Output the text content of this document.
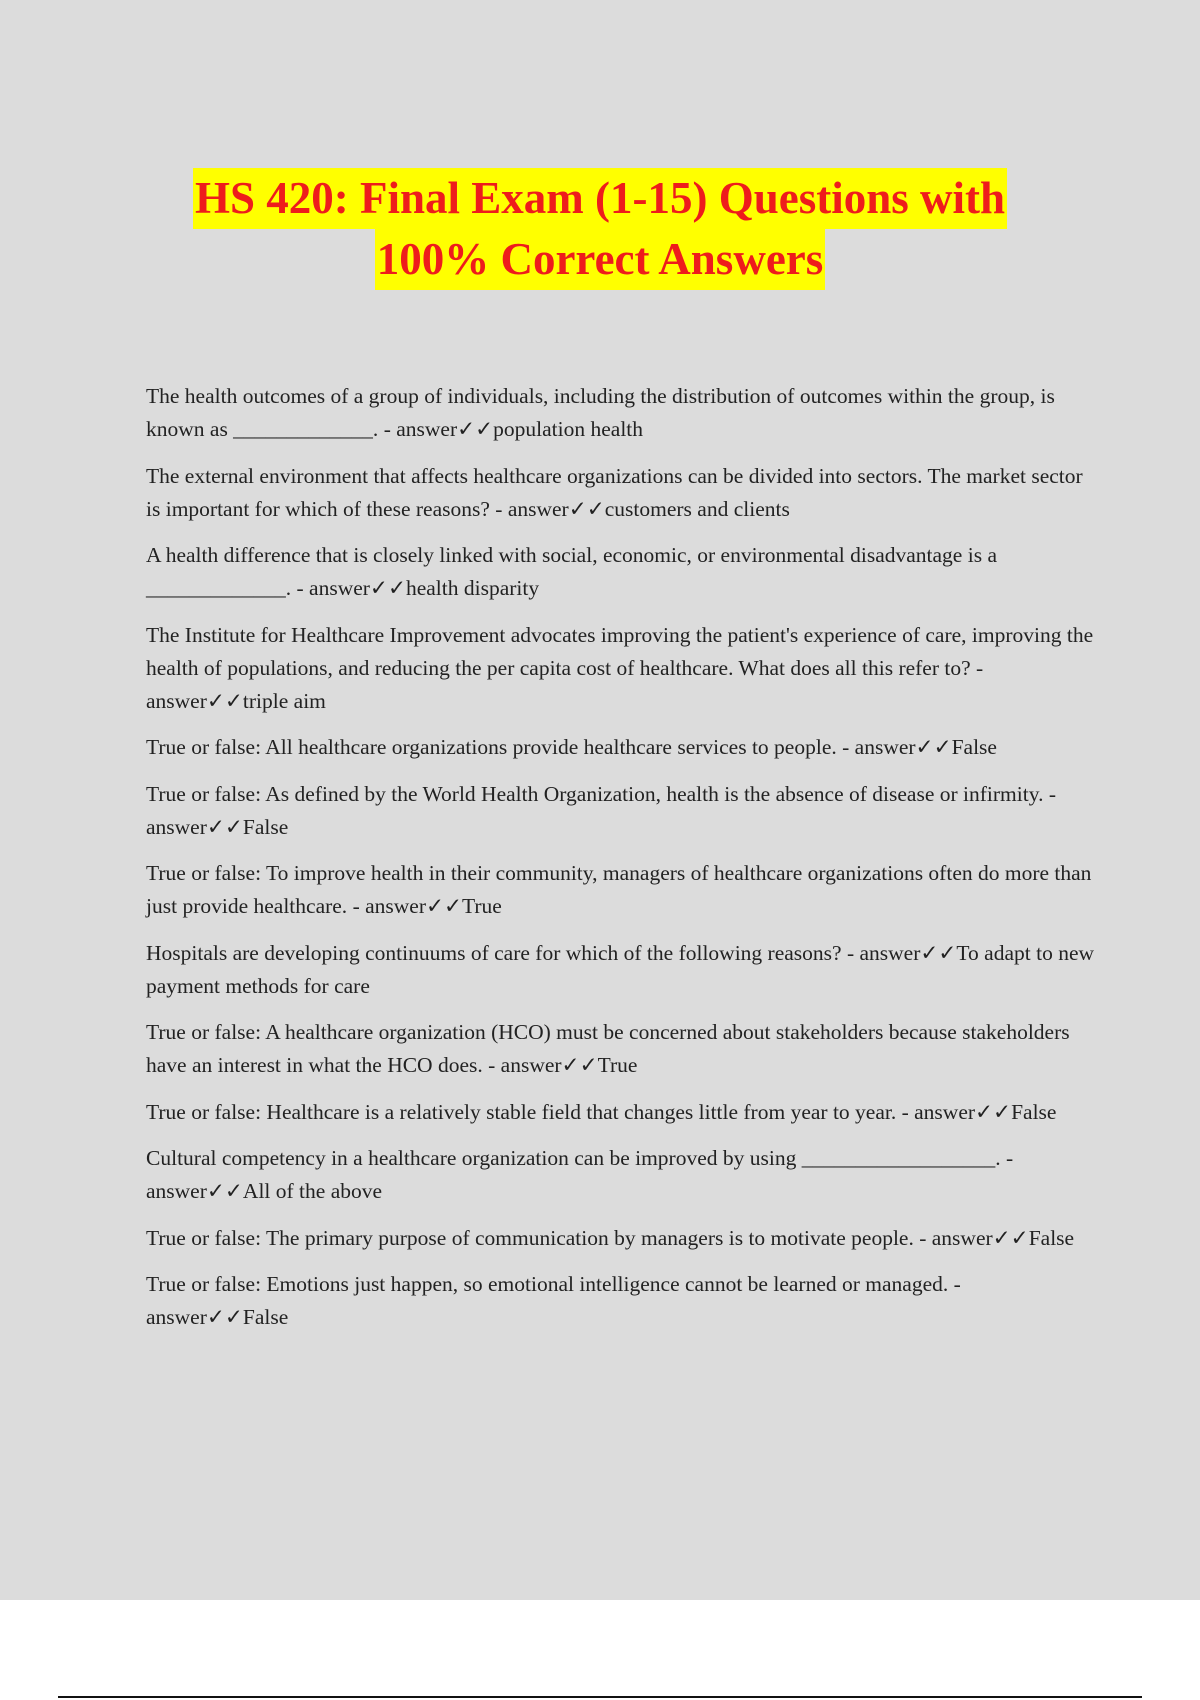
HS 420: Final Exam (1-15) Questions with
100% Correct Answers

The health outcomes of a group of individuals, including the distribution of outcomes within the group, is known as _____________. - answer✓✓population health

The external environment that affects healthcare organizations can be divided into sectors. The market sector is important for which of these reasons? - answer✓✓customers and clients

A health difference that is closely linked with social, economic, or environmental disadvantage is a _____________. - answer✓✓health disparity

The Institute for Healthcare Improvement advocates improving the patient's experience of care, improving the health of populations, and reducing the per capita cost of healthcare. What does all this refer to? - answer✓✓triple aim

True or false: All healthcare organizations provide healthcare services to people. - answer✓✓False

True or false: As defined by the World Health Organization, health is the absence of disease or infirmity. - answer✓✓False

True or false: To improve health in their community, managers of healthcare organizations often do more than just provide healthcare. - answer✓✓True

Hospitals are developing continuums of care for which of the following reasons? - answer✓✓To adapt to new payment methods for care

True or false: A healthcare organization (HCO) must be concerned about stakeholders because stakeholders have an interest in what the HCO does. - answer✓✓True

True or false: Healthcare is a relatively stable field that changes little from year to year. - answer✓✓False

Cultural competency in a healthcare organization can be improved by using __________________. - answer✓✓All of the above

True or false: The primary purpose of communication by managers is to motivate people. - answer✓✓False

True or false: Emotions just happen, so emotional intelligence cannot be learned or managed. - answer✓✓False
